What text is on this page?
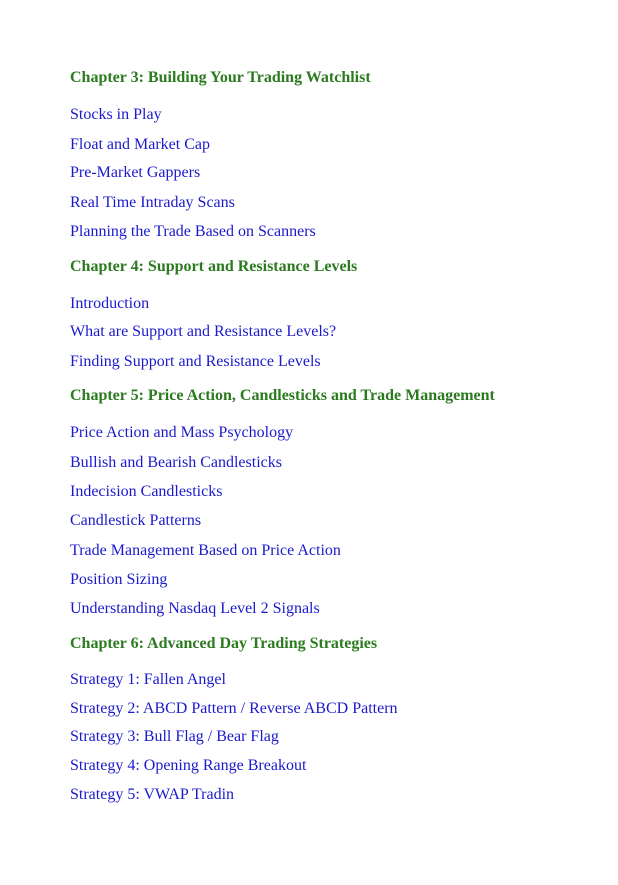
Chapter 3: Building Your Trading Watchlist
Stocks in Play
Float and Market Cap
Pre-Market Gappers
Real Time Intraday Scans
Planning the Trade Based on Scanners
Chapter 4: Support and Resistance Levels
Introduction
What are Support and Resistance Levels?
Finding Support and Resistance Levels
Chapter 5: Price Action, Candlesticks and Trade Management
Price Action and Mass Psychology
Bullish and Bearish Candlesticks
Indecision Candlesticks
Candlestick Patterns
Trade Management Based on Price Action
Position Sizing
Understanding Nasdaq Level 2 Signals
Chapter 6: Advanced Day Trading Strategies
Strategy 1: Fallen Angel
Strategy 2: ABCD Pattern / Reverse ABCD Pattern
Strategy 3: Bull Flag / Bear Flag
Strategy 4: Opening Range Breakout
Strategy 5: VWAP Tradin
